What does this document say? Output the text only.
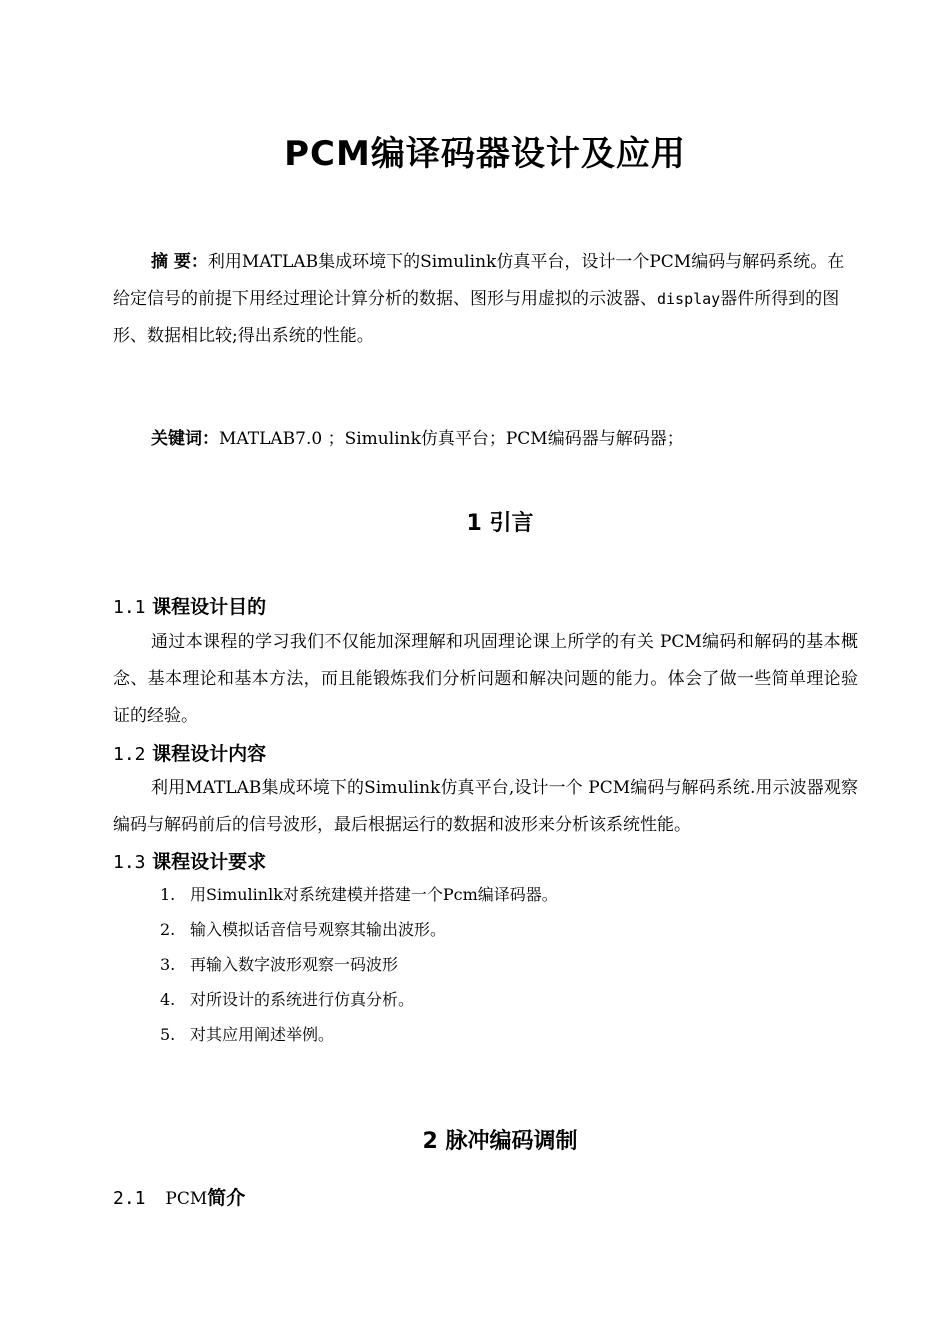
PCM编译码器设计及应用
摘 要：利用MATLAB集成环境下的Simulink仿真平台，设计一个PCM编码与解码系统。在给定信号的前提下用经过理论计算分析的数据、图形与用虚拟的示波器、display器件所得到的图形、数据相比较;得出系统的性能。
关键词：MATLAB7.0 ；Simulink仿真平台；PCM编码器与解码器；
1 引言
1.1 课程设计目的
通过本课程的学习我们不仅能加深理解和巩固理论课上所学的有关 PCM编码和解码的基本概念、基本理论和基本方法，而且能锻炼我们分析问题和解决问题的能力。体会了做一些简单理论验证的经验。
1.2 课程设计内容
利用MATLAB集成环境下的Simulink仿真平台,设计一个 PCM编码与解码系统.用示波器观察编码与解码前后的信号波形，最后根据运行的数据和波形来分析该系统性能。
1.3 课程设计要求
1. 用Simulinlk对系统建模并搭建一个Pcm编译码器。
2. 输入模拟话音信号观察其输出波形。
3. 再输入数字波形观察一码波形
4. 对所设计的系统进行仿真分析。
5. 对其应用阐述举例。
2 脉冲编码调制
2.1 PCM简介
